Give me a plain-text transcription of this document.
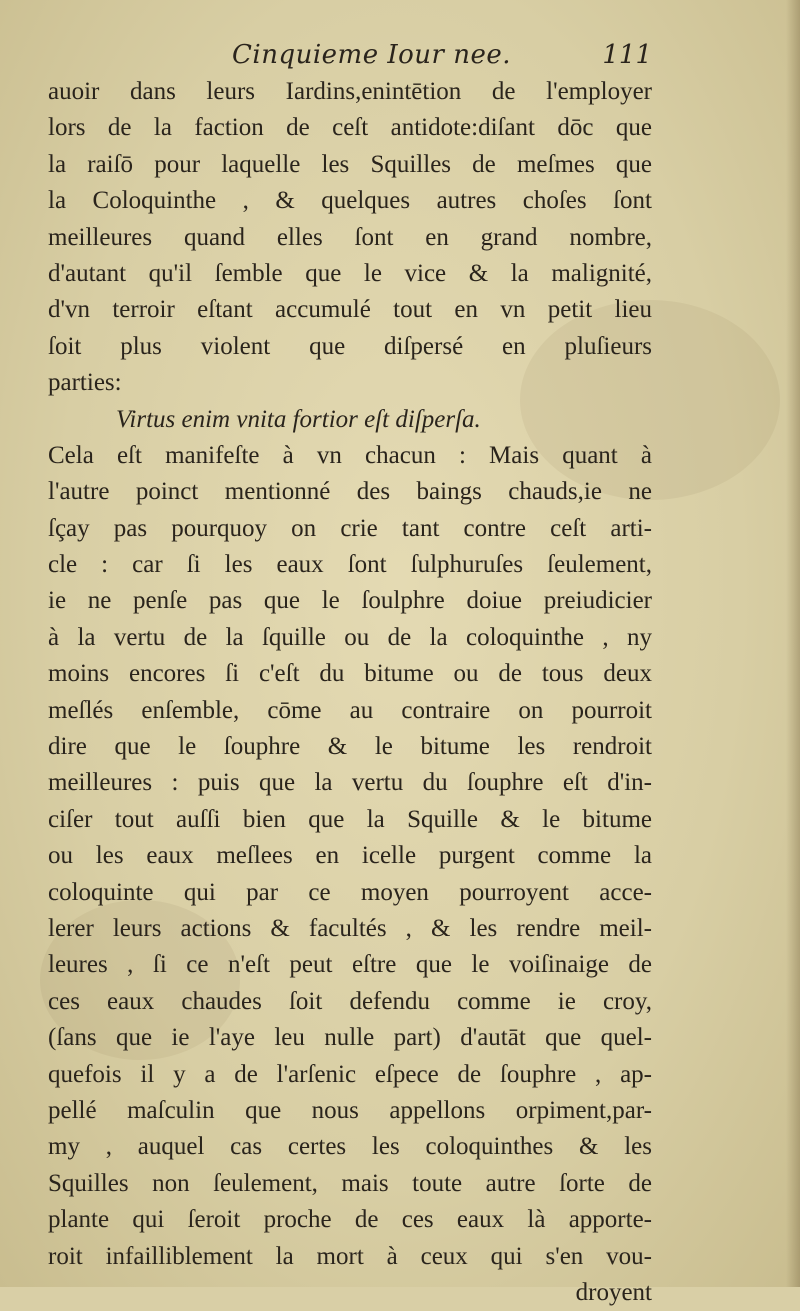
Cinquieme Iour nee.	111
auoir dans leurs Iardins,enintētion de l'employer
lors de la faction de ceſt antidote:diſant dōc que
la raiſō pour laquelle les Squilles de meſmes que
la Coloquinthe , & quelques autres choſes ſont
meilleures quand elles ſont en grand nombre,
d'autant qu'il ſemble que le vice & la malignité,
d'vn terroir eſtant accumulé tout en vn petit lieu
ſoit plus violent que diſpersé en pluſieurs
parties:
Virtus enim vnita fortior eſt diſperſa.
Cela eſt manifeſte à vn chacun : Mais quant à
l'autre poinct mentionné des baings chauds,ie ne
ſçay pas pourquoy on crie tant contre ceſt arti-
cle : car ſi les eaux ſont ſulphuruſes ſeulement,
ie ne penſe pas que le ſoulphre doiue preiudicier
à la vertu de la ſquille ou de la coloquinthe , ny
moins encores ſi c'eſt du bitume ou de tous deux
meſlés enſemble, cōme au contraire on pourroit
dire que le ſouphre & le bitume les rendroit
meilleures : puis que la vertu du ſouphre eſt d'in-
ciſer tout auſſi bien que la Squille & le bitume
ou les eaux meſlees en icelle purgent comme la
coloquinte qui par ce moyen pourroyent acce-
lerer leurs actions & facultés , & les rendre meil-
leures , ſi ce n'eſt peut eſtre que le voiſinaige de
ces eaux chaudes ſoit defendu comme ie croy,
(ſans que ie l'aye leu nulle part) d'autāt que quel-
quefois il y a de l'arſenic eſpece de ſouphre , ap-
pellé maſculin que nous appellons orpiment,par-
my , auquel cas certes les coloquinthes & les
Squilles non ſeulement, mais toute autre ſorte de
plante qui ſeroit proche de ces eaux là apporte-
roit infailliblement la mort à ceux qui s'en vou-
droyent
